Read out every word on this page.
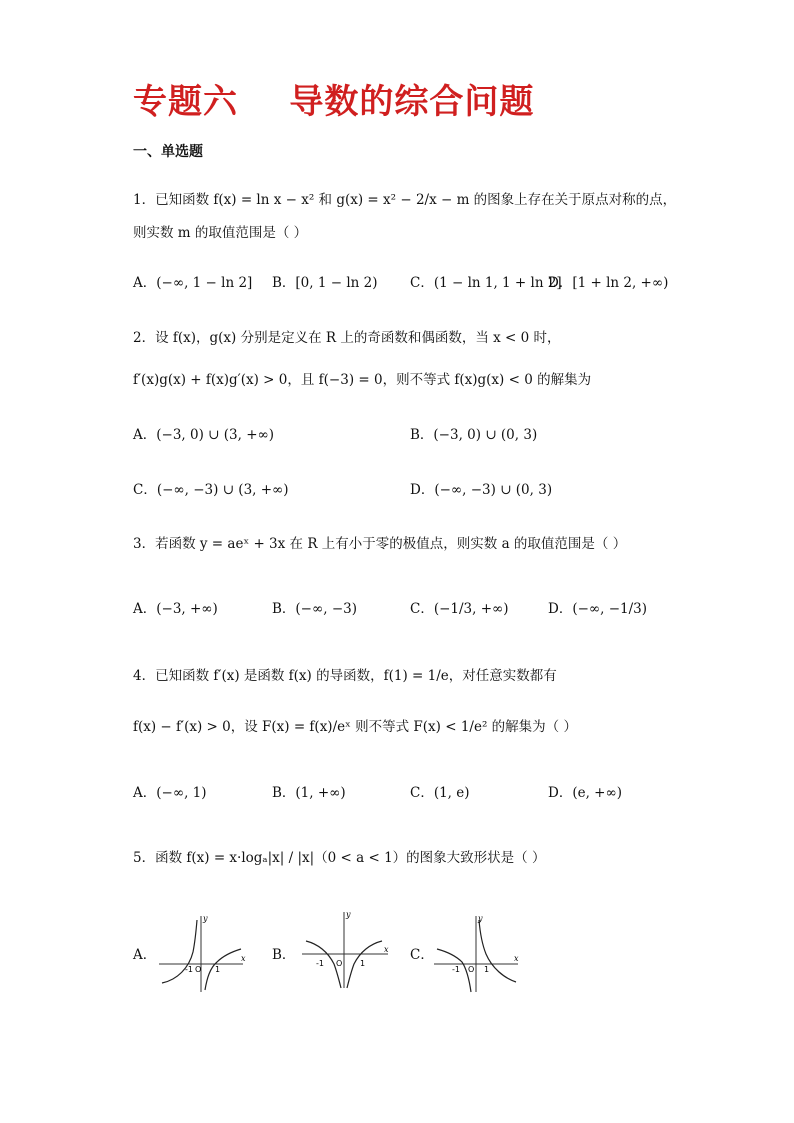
专题六    导数的综合问题
一、单选题
1．已知函数 f(x) = ln x − x² 和 g(x) = x² − 2/x − m 的图象上存在关于原点对称的点，
则实数 m 的取值范围是（ ）
A．(−∞, 1 − ln 2] B．[0, 1 − ln 2) C．(1 − ln 1, 1 + ln 2]
D．[1 + ln 2, +∞)
2．设 f(x)，g(x) 分别是定义在 R 上的奇函数和偶函数，当 x < 0 时，
f′(x)g(x) + f(x)g′(x) > 0，且 f(−3) = 0，则不等式 f(x)g(x) < 0 的解集为
A．(−3, 0) ∪ (3, +∞)	B．(−3, 0) ∪ (0, 3)
C．(−∞, −3) ∪ (3, +∞)	D．(−∞, −3) ∪ (0, 3)
3．若函数 y = aeˣ + 3x 在 R 上有小于零的极值点，则实数 a 的取值范围是（ ）
A．(−3, +∞)	B．(−∞, −3)	C．(−1/3, +∞)	D．(−∞, −1/3)
4．已知函数 f′(x) 是函数 f(x) 的导函数，f(1) = 1/e，对任意实数都有
f(x) − f′(x) > 0，设 F(x) = f(x)/eˣ 则不等式 F(x) < 1/e² 的解集为（ ）
A．(−∞, 1)	B．(1, +∞)	C．(1, e)	D．(e, +∞)
5．函数 f(x) = x·logₐ|x| / |x|（0 < a < 1）的图象大致形状是（ ）
A．
y
x
-1 O 1
B．
y
x
-1 O 1
C．
y
x
-1 O 1
